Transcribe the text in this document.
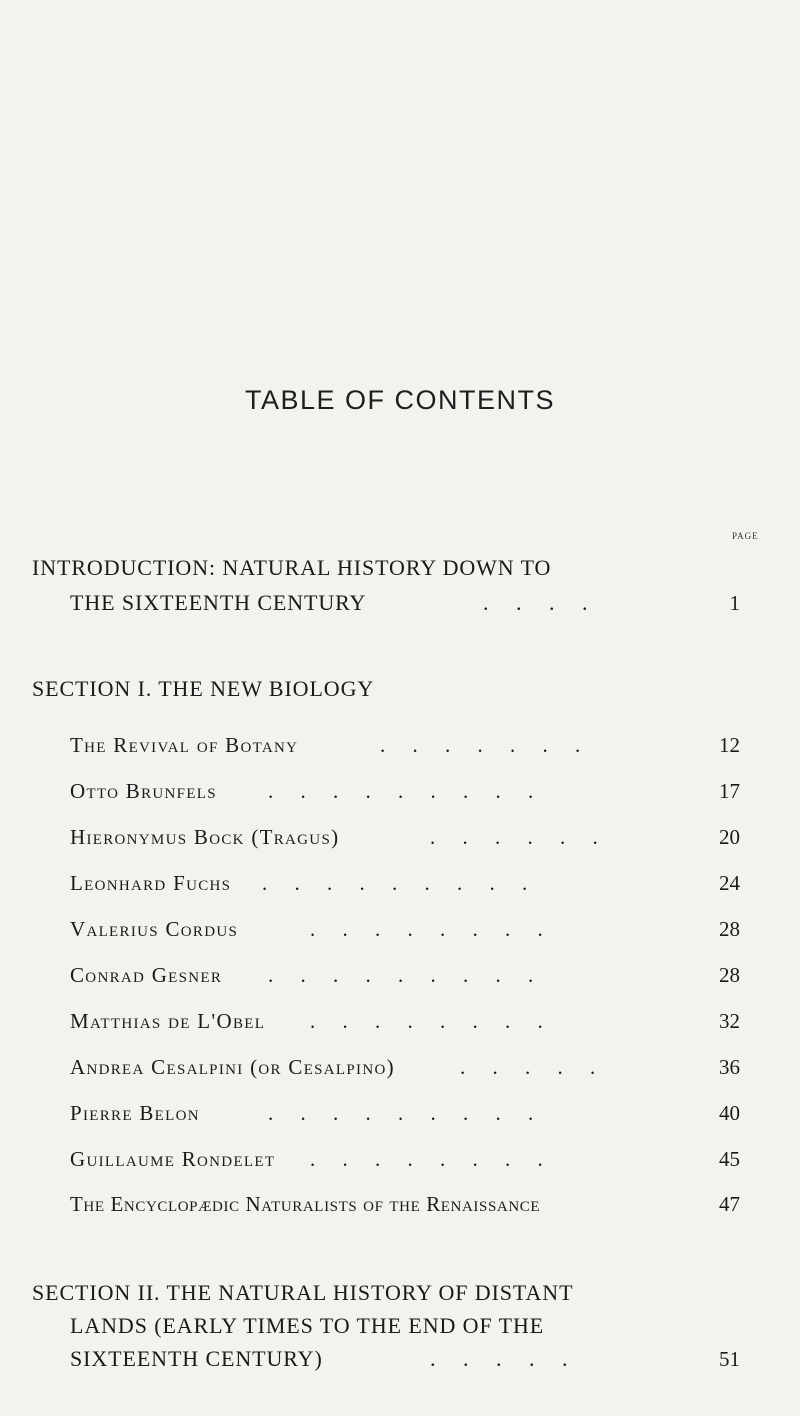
TABLE OF CONTENTS
PAGE
INTRODUCTION: NATURAL HISTORY DOWN TO
THE SIXTEENTH CENTURY	. . . .	1
SECTION I. THE NEW BIOLOGY
The Revival of Botany	. . . . . . .	12
Otto Brunfels . . . . . . . . .	17
Hieronymus Bock (Tragus)	. . . . . .	20
Leonhard Fuchs . . . . . . . . .	24
Valerius Cordus	. . . . . . . .	28
Conrad Gesner . . . . . . . . .	28
Matthias de L'Obel . . . . . . . .	32
Andrea Cesalpini (or Cesalpino)	. . . . .	36
Pierre Belon	. . . . . . . . .	40
Guillaume Rondelet . . . . . . . .	45
The Encyclopædic Naturalists of the Renaissance	47
SECTION II. THE NATURAL HISTORY OF DISTANT
LANDS (EARLY TIMES TO THE END OF THE
SIXTEENTH CENTURY)	. . . . .	51
